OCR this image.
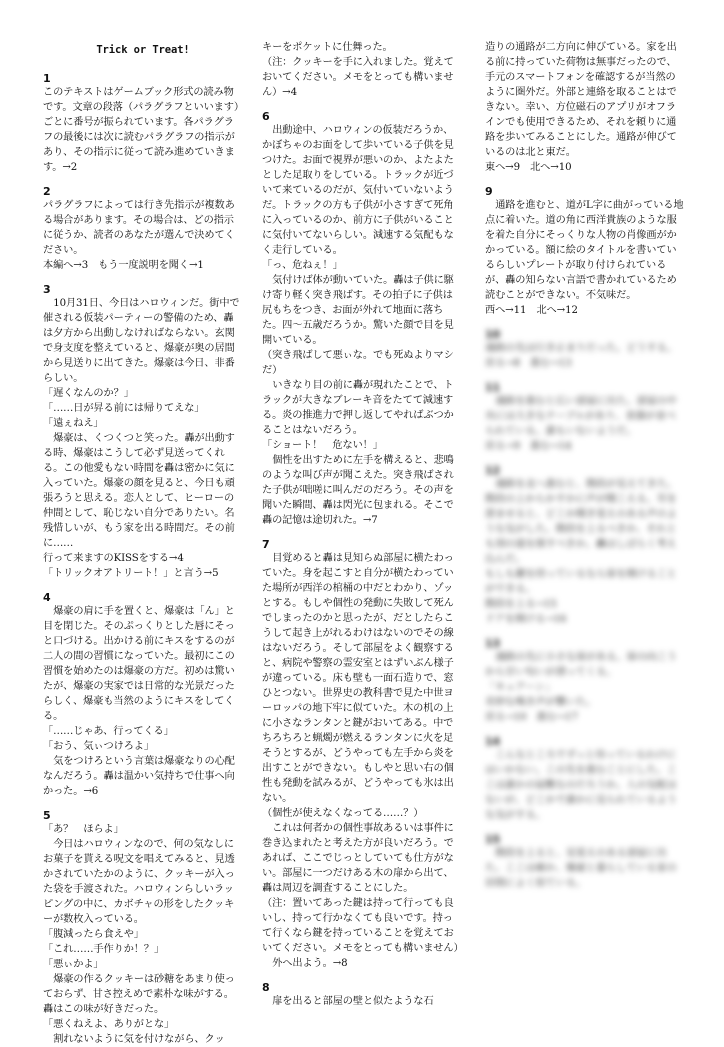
Trick or Treat!
1

このテキストはゲームブック形式の読み物です。文章の段落（パラグラフといいます）ごとに番号が振られています。各パラグラフの最後には次に読むパラグラフの指示があり、その指示に従って読み進めていきます。→2

2

パラグラフによっては行き先指示が複数ある場合があります。その場合は、どの指示に従うか、読者のあなたが選んで決めてください。

本編へ→3　もう一度説明を聞く→1

3

10月31日、今日はハロウィンだ。街中で催される仮装パーティーの警備のため、轟は夕方から出動しなければならない。玄関で身支度を整えていると、爆豪が奥の居間から見送りに出てきた。爆豪は今日、非番らしい。

「遅くなんのか？」

「……日が昇る前には帰りてえな」

「遠ぇねえ」

爆豪は、くつくつと笑った。轟が出動する時、爆豪はこうして必ず見送ってくれる。この他愛もない時間を轟は密かに気に入っていた。爆豪の顔を見ると、今日も頑張ろうと思える。恋人として、ヒーローの仲間として、恥じない自分でありたい。名残惜しいが、もう家を出る時間だ。その前に……

行って来ますのKISSをする→4

「トリックオアトリート！」と言う→5

4

爆豪の肩に手を置くと、爆豪は「ん」と目を閉じた。そのぷっくりとした唇にそっと口づける。出かける前にキスをするのが二人の間の習慣になっていた。最初にこの習慣を始めたのは爆豪の方だ。初めは驚いたが、爆豪の実家では日常的な光景だったらしく、爆豪も当然のようにキスをしてくる。

「……じゃあ、行ってくる」

「おう、気ぃつけろよ」

気をつけろという言葉は爆豪なりの心配なんだろう。轟は温かい気持ちで仕事へ向かった。→6

5

「あ？　ほらよ」

今日はハロウィンなので、何の気なしにお菓子を貰える呪文を唱えてみると、見透かされていたかのように、クッキーが入った袋を手渡された。ハロウィンらしいラッピングの中に、カボチャの形をしたクッキーが数枚入っている。

「腹減ったら食えや」

「これ……手作りか！？」

「悪ぃかよ」

爆豪の作るクッキーは砂糖をあまり使っておらず、甘さ控えめで素朴な味がする。轟はこの味が好きだった。

「悪くねえよ、ありがとな」

割れないように気を付けながら、クッ

キーをポケットに仕舞った。

（注：クッキーを手に入れました。覚えておいてください。メモをとっても構いません）→4

6

出動途中、ハロウィンの仮装だろうか、かぼちゃのお面をして歩いている子供を見つけた。お面で視界が悪いのか、よたよたとした足取りをしている。トラックが近づいて来ているのだが、気付いていないようだ。トラックの方も子供が小さすぎて死角に入っているのか、前方に子供がいることに気付いてないらしい。減速する気配もなく走行している。

「っ、危ねぇ！」

気付けば体が動いていた。轟は子供に駆け寄り軽く突き飛ばす。その拍子に子供は尻もちをつき、お面が外れて地面に落ちた。四～五歳だろうか。驚いた顔で目を見開いている。

（突き飛ばして悪ぃな。でも死ぬよりマシだ）

いきなり目の前に轟が現れたことで、トラックが大きなブレーキ音をたてて減速する。炎の推進力で押し返してやればぶつかることはないだろう。

「ショート！　危ない！」

個性を出すために左手を構えると、悲鳴のような叫び声が聞こえた。突き飛ばされた子供が咄嗟に叫んだのだろう。その声を聞いた瞬間、轟は閃光に包まれる。そこで轟の記憶は途切れた。→7

7

目覚めると轟は見知らぬ部屋に横たわっていた。身を起こすと自分が横たわっていた場所が西洋の棺桶の中だとわかり、ゾッとする。もしや個性の発動に失敗して死んでしまったのかと思ったが、だとしたらこうして起き上がれるわけはないのでその線はないだろう。そして部屋をよく観察すると、病院や警察の霊安室とはずいぶん様子が違っている。床も壁も一面石造りで、窓ひとつない。世界史の教科書で見た中世ヨーロッパの地下牢に似ていた。木の机の上に小さなランタンと鍵がおいてある。中でちろちろと蝋燭が燃えるランタンに火を足そうとするが、どうやっても左手から炎を出すことができない。もしやと思い右の個性も発動を試みるが、どうやっても氷は出ない。

（個性が使えなくなってる……？）

これは何者かの個性事故あるいは事件に巻き込まれたと考えた方が良いだろう。であれば、ここでじっとしていても仕方がない。部屋に一つだけある木の扉から出て、轟は周辺を調査することにした。

（注：置いてあった鍵は持って行っても良いし、持って行かなくても良いです。持って行くなら鍵を持っていることを覚えておいてください。メモをとっても構いません）

外へ出よう。→8

8

扉を出ると部屋の壁と似たような石

造りの通路が二方向に伸びている。家を出る前に持っていた荷物は無事だったので、手元のスマートフォンを確認するが当然のように圏外だ。外部と連絡を取ることはできない。幸い、方位磁石のアプリがオフラインでも使用できるため、それを頼りに通路を歩いてみることにした。通路が伸びているのは北と東だ。

東へ→9　北へ→10

9

通路を進むと、道がL字に曲がっている地点に着いた。道の角に西洋貴族のような服を着た自分にそっくりな人物の肖像画がかかっている。額に絵のタイトルを書いているらしいプレートが取り付けられているが、轟の知らない言語で書かれているため読むことができない。不気味だ。

西へ→11　北へ→12

10

通路の先は行き止まりだった。どうする。

戻る→8　進む→13

11

通路を進むと広い部屋に出た。部屋の中央には大きなテーブルがあり、食器が並べられている。誰もいないようだ。

戻る→9　進む→14

12

通路を北へ進むと、階段が見えてきた。階段の上からかすかに声が聞こえる。耳を澄ませると、どこか聞き覚えのある声のような気がした。階段を上るべきか、それとも別の道を探すべきか。轟はしばらく考え込んだ。

もしも鍵を持っているなら扉を開けることができる。

階段を上る→15

ドアを開ける→16

13

通路の先に小さな扉がある。扉の向こうから甘い匂いが漂ってくる。

「キュアーン」

奇妙な鳴き声が響いた。

戻る→10　進む→17

14

こんなところでずっと待っているわけにはいかない。この先を進むことにした。ここは誰かの屋敷なのだろうか。人の気配はないが、どこかで誰かに見られているような気がする。

15

階段を上ると、見覚えのある部屋に出た。ここは確か、爆豪と暮らしている家の居間によく似ている。
